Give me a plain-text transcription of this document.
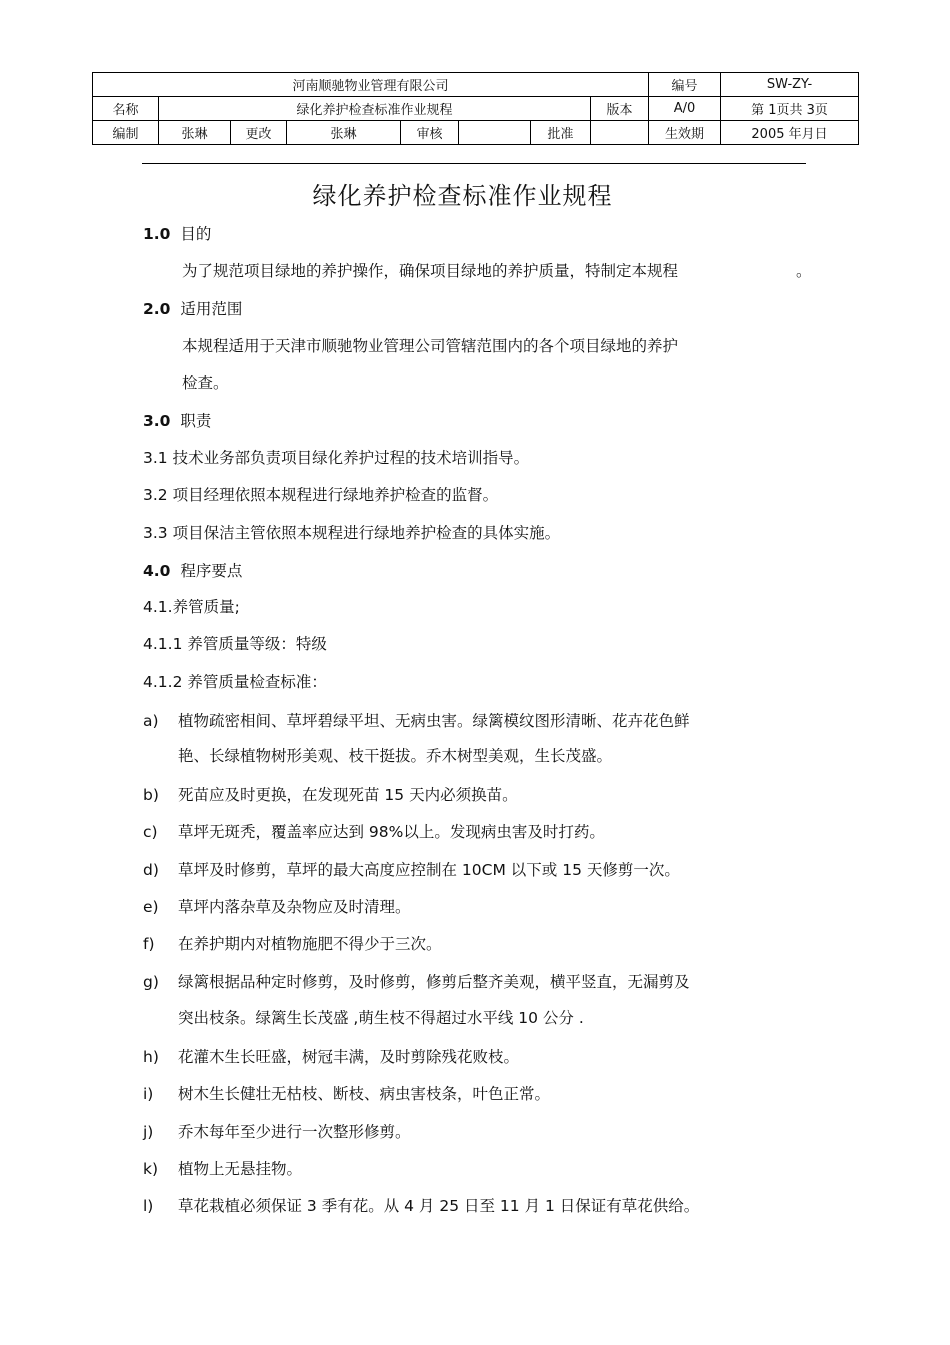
河南顺驰物业管理有限公司								编号	SW-ZY-
名称	绿化养护检查标准作业规程						版本	A/0	第 1页共 3页
编制	张琳	更改	张琳	审核		批准		生效期	2005 年月日
绿化养护检查标准作业规程
1.0 目的
为了规范项目绿地的养护操作，确保项目绿地的养护质量，特制定本规程	。
2.0 适用范围
本规程适用于天津市顺驰物业管理公司管辖范围内的各个项目绿地的养护
检查。
3.0 职责
3.1 技术业务部负责项目绿化养护过程的技术培训指导。
3.2 项目经理依照本规程进行绿地养护检查的监督。
3.3 项目保洁主管依照本规程进行绿地养护检查的具体实施。
4.0 程序要点
4.1.养管质量;
4.1.1 养管质量等级：特级
4.1.2 养管质量检查标准：
a) 植物疏密相间、草坪碧绿平坦、无病虫害。绿篱模纹图形清晰、花卉花色鲜
艳、长绿植物树形美观、枝干挺拔。乔木树型美观，生长茂盛。
b) 死苗应及时更换，在发现死苗 15 天内必须换苗。
c) 草坪无斑秃，覆盖率应达到 98%以上。发现病虫害及时打药。
d) 草坪及时修剪，草坪的最大高度应控制在 10CM 以下或 15 天修剪一次。
e) 草坪内落杂草及杂物应及时清理。
f) 在养护期内对植物施肥不得少于三次。
g) 绿篱根据品种定时修剪，及时修剪，修剪后整齐美观，横平竖直，无漏剪及
突出枝条。绿篱生长茂盛 ,萌生枝不得超过水平线 10 公分 .
h) 花灌木生长旺盛，树冠丰满，及时剪除残花败枝。
i) 树木生长健壮无枯枝、断枝、病虫害枝条，叶色正常。
j) 乔木每年至少进行一次整形修剪。
k) 植物上无悬挂物。
l) 草花栽植必须保证 3 季有花。从 4 月 25 日至 11 月 1 日保证有草花供给。
